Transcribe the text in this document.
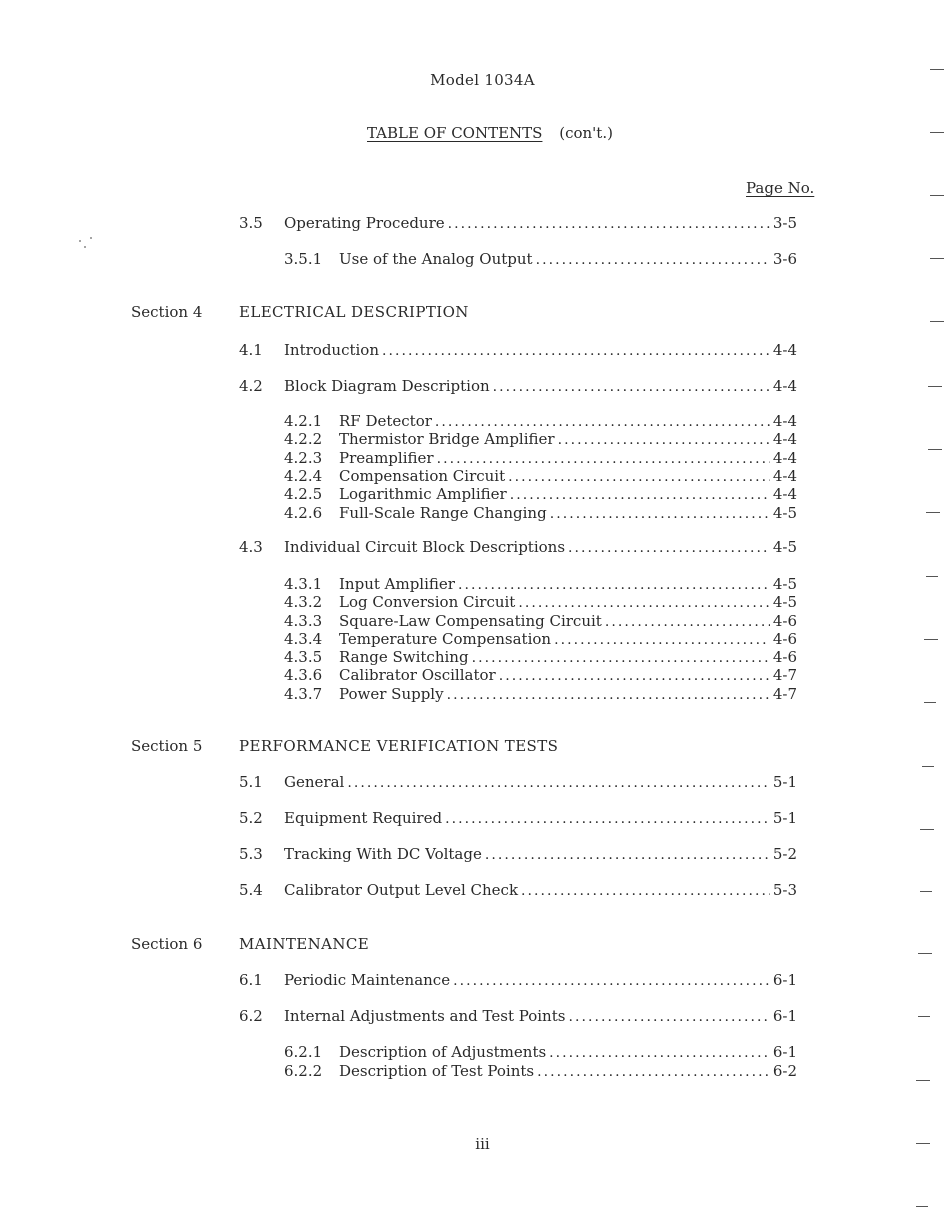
Model 1034A
TABLE OF CONTENTS (con't.)
Page No.
3.5 Operating Procedure . . .	3-5
3.5.1 Use of the Analog Output . . .	3-6
Section 4 ELECTRICAL DESCRIPTION
4.1 Introduction . . .	4-4
4.2 Block Diagram Description . . .	4-4
4.2.1 RF Detector . . .	4-4
4.2.2 Thermistor Bridge Amplifier . . .	4-4
4.2.3 Preamplifier . . .	4-4
4.2.4 Compensation Circuit . . .	4-4
4.2.5 Logarithmic Amplifier . . .	4-4
4.2.6 Full-Scale Range Changing . . .	4-5
4.3 Individual Circuit Block Descriptions . . .	4-5
4.3.1 Input Amplifier . . .	4-5
4.3.2 Log Conversion Circuit . . .	4-5
4.3.3 Square-Law Compensating Circuit . . .	4-6
4.3.4 Temperature Compensation . . .	4-6
4.3.5 Range Switching . . .	4-6
4.3.6 Calibrator Oscillator . . .	4-7
4.3.7 Power Supply . . .	4-7
Section 5 PERFORMANCE VERIFICATION TESTS
5.1 General . . .	5-1
5.2 Equipment Required . . .	5-1
5.3 Tracking With DC Voltage . . .	5-2
5.4 Calibrator Output Level Check . . .	5-3
Section 6 MAINTENANCE
6.1 Periodic Maintenance . . .	6-1
6.2 Internal Adjustments and Test Points . . .	6-1
6.2.1 Description of Adjustments . . .	6-1
6.2.2 Description of Test Points . . .	6-2
iii
